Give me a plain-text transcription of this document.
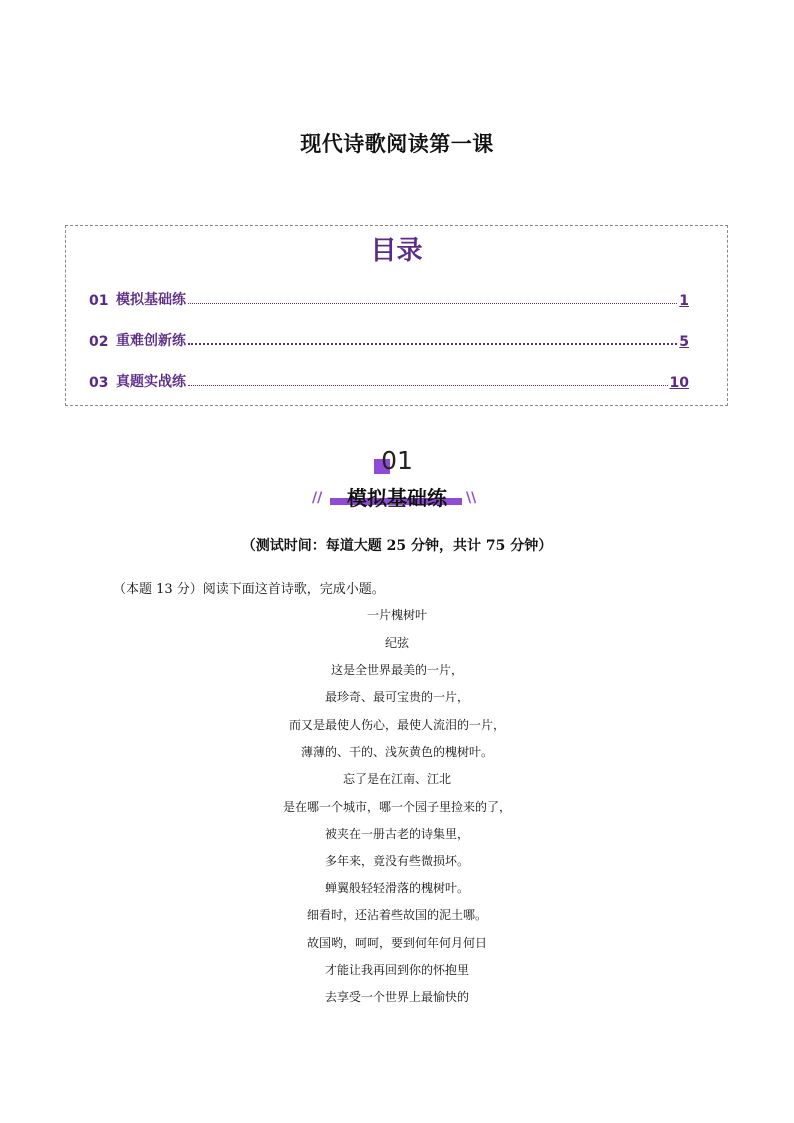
现代诗歌阅读第一课
目录
01 模拟基础练	1
02 重难创新练	5
03 真题实战练	10
01
//	模拟基础练	\\
（测试时间：每道大题 25 分钟，共计 75 分钟）
（本题 13 分）阅读下面这首诗歌，完成小题。
一片槐树叶
纪弦
这是全世界最美的一片，
最珍奇、最可宝贵的一片，
而又是最使人伤心，最使人流泪的一片，
薄薄的、干的、浅灰黄色的槐树叶。
忘了是在江南、江北
是在哪一个城市，哪一个园子里捡来的了，
被夹在一册古老的诗集里，
多年来，竟没有些微损坏。
蝉翼般轻轻滑落的槐树叶。
细看时，还沾着些故国的泥土哪。
故国哟，呵呵，要到何年何月何日
才能让我再回到你的怀抱里
去享受一个世界上最愉快的
